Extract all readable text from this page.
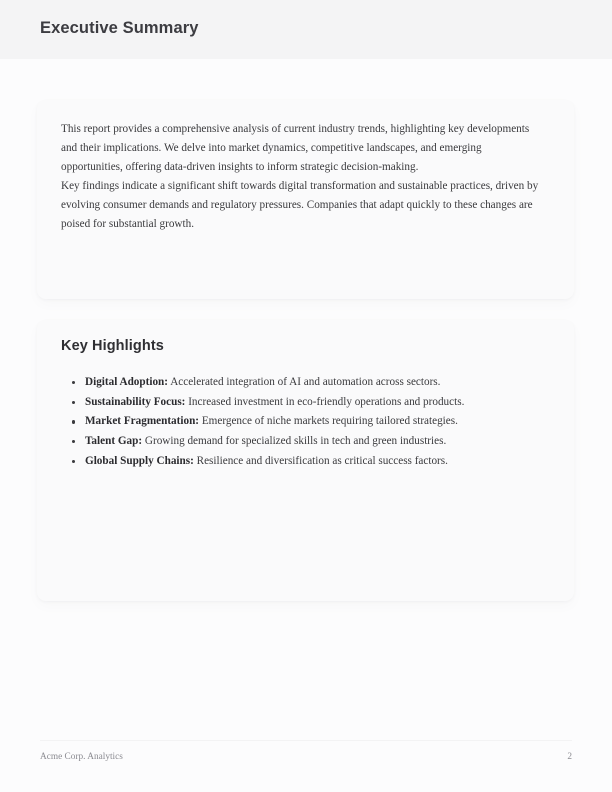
Executive Summary
This report provides a comprehensive analysis of current industry trends, highlighting key developments and their implications. We delve into market dynamics, competitive landscapes, and emerging opportunities, offering data-driven insights to inform strategic decision-making.
Key findings indicate a significant shift towards digital transformation and sustainable practices, driven by evolving consumer demands and regulatory pressures. Companies that adapt quickly to these changes are poised for substantial growth.
Key Highlights
Digital Adoption: Accelerated integration of AI and automation across sectors.
Sustainability Focus: Increased investment in eco-friendly operations and products.
Market Fragmentation: Emergence of niche markets requiring tailored strategies.
Talent Gap: Growing demand for specialized skills in tech and green industries.
Global Supply Chains: Resilience and diversification as critical success factors.
Acme Corp. Analytics	2
